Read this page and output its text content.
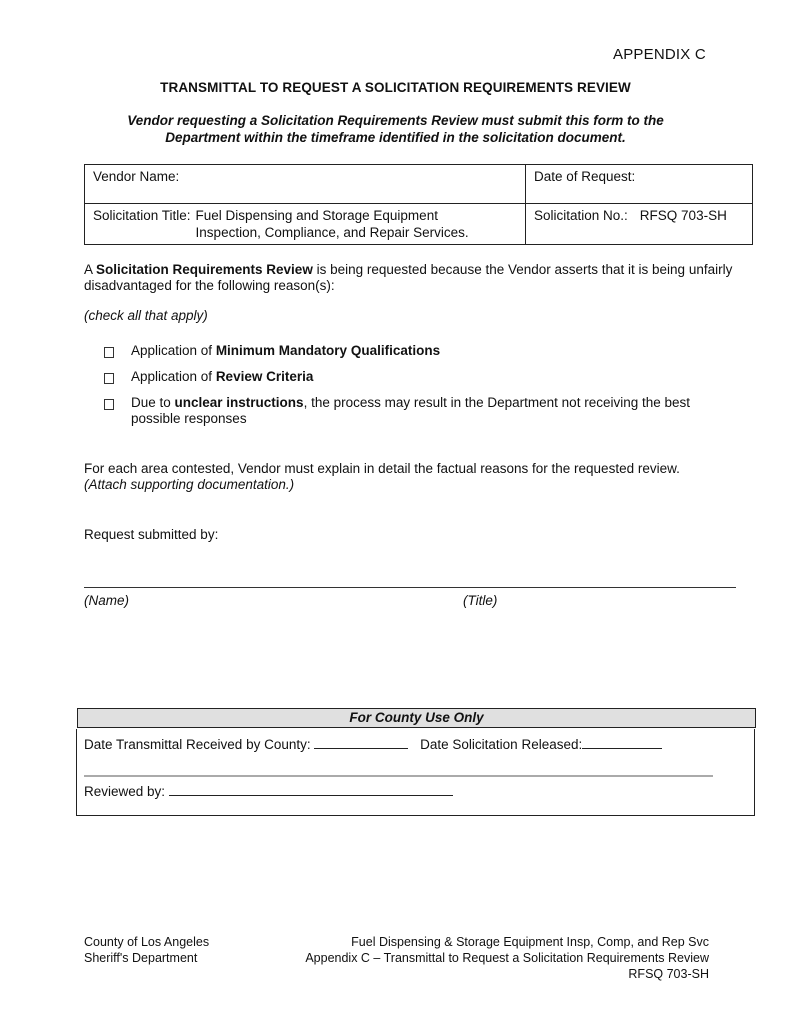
APPENDIX C
TRANSMITTAL TO REQUEST A SOLICITATION REQUIREMENTS REVIEW
Vendor requesting a Solicitation Requirements Review must submit this form to the
Department within the timeframe identified in the solicitation document.
Vendor Name:	Date of Request:

Solicitation Title: Fuel Dispensing and Storage Equipment
Inspection, Compliance, and Repair Services.	Solicitation No.: RFSQ 703-SH
A Solicitation Requirements Review is being requested because the Vendor asserts that it is being unfairly disadvantaged for the following reason(s):
(check all that apply)
Application of Minimum Mandatory Qualifications
Application of Review Criteria
Due to unclear instructions, the process may result in the Department not receiving the best possible responses
For each area contested, Vendor must explain in detail the factual reasons for the requested review.
(Attach supporting documentation.)
Request submitted by:
(Name)	(Title)
For County Use Only
Date Transmittal Received by County:	Date Solicitation Released:
Reviewed by:
County of Los Angeles
Sheriff's Department
Fuel Dispensing & Storage Equipment Insp, Comp, and Rep Svc
Appendix C – Transmittal to Request a Solicitation Requirements Review
RFSQ 703-SH
